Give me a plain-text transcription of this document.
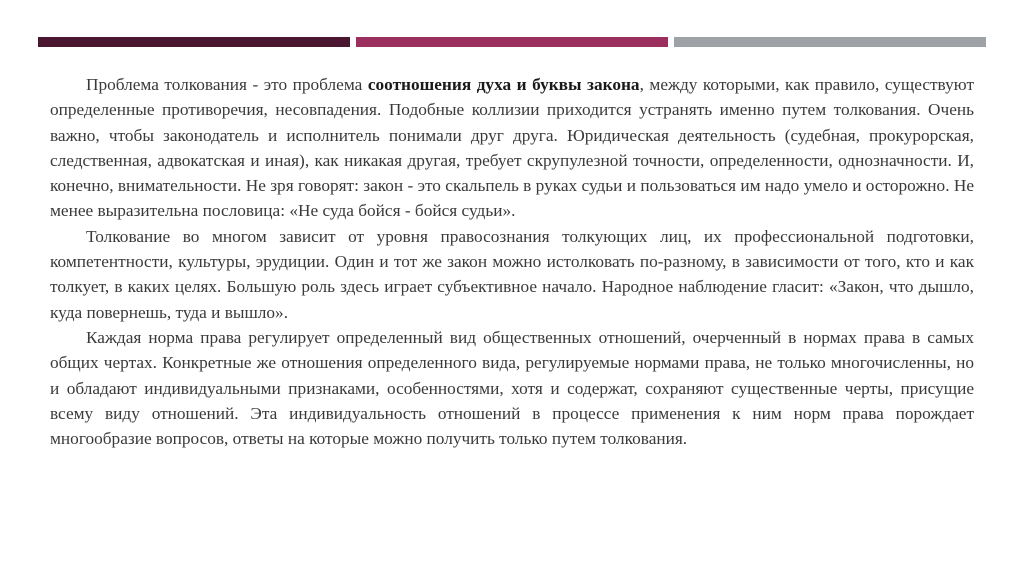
Проблема толкования - это проблема соотношения духа и буквы закона, между которыми, как правило, существуют определенные противоречия, несовпадения. Подобные коллизии приходится устранять именно путем толкования. Очень важно, чтобы законодатель и исполнитель понимали друг друга. Юридическая деятельность (судебная, прокурорская, следственная, адвокатская и иная), как никакая другая, требует скрупулезной точности, определенности, однозначности. И, конечно, внимательности. Не зря говорят: закон - это скальпель в руках судьи и пользоваться им надо умело и осторожно. Не менее выразительна пословица: «Не суда бойся - бойся судьи».

Толкование во многом зависит от уровня правосознания толкующих лиц, их профессиональной подготовки, компетентности, культуры, эрудиции. Один и тот же закон можно истолковать по-разному, в зависимости от того, кто и как толкует, в каких целях. Большую роль здесь играет субъективное начало. Народное наблюдение гласит: «Закон, что дышло, куда повернешь, туда и вышло».

Каждая норма права регулирует определенный вид общественных отношений, очерченный в нормах права в самых общих чертах. Конкретные же отношения определенного вида, регулируемые нормами права, не только многочисленны, но и обладают индивидуальными признаками, особенностями, хотя и содержат, сохраняют существенные черты, присущие всему виду отношений. Эта индивидуальность отношений в процессе применения к ним норм права порождает многообразие вопросов, ответы на которые можно получить только путем толкования.
